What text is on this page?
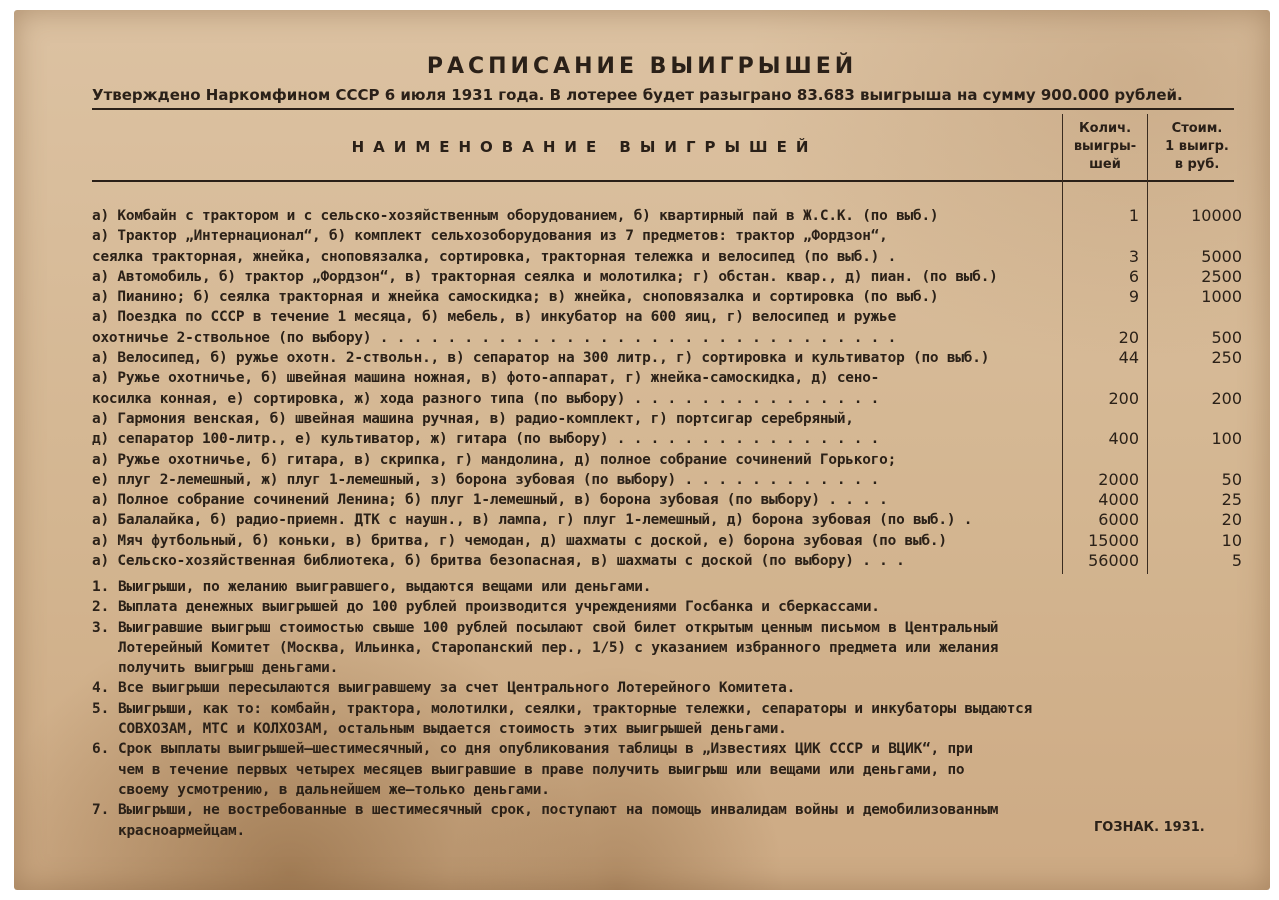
РАСПИСАНИЕ ВЫИГРЫШЕЙ
Утверждено Наркомфином СССР 6 июля 1931 года. В лотерее будет разыграно 83.683 выигрыша на сумму 900.000 рублей.
НАИМЕНОВАНИЕ ВЫИГРЫШЕЙ
Колич.
выигры-
шей
Стоим.
1 выигр.
в руб.
а) Комбайн с трактором и с сельско-хозяйственным оборудованием, б) квартирный пай в Ж.С.К. (по выб.)	1	10000
а) Трактор „Интернационал“, б) комплект сельхозоборудования из 7 предметов: трактор „Фордзон“,
сеялка тракторная, жнейка, сноповязалка, сортировка, тракторная тележка и велосипед (по выб.) .	3	5000
а) Автомобиль, б) трактор „Фордзон“, в) тракторная сеялка и молотилка; г) обстан. квар., д) пиан. (по выб.)	6	2500
а) Пианино; б) сеялка тракторная и жнейка самоскидка; в) жнейка, сноповязалка и сортировка (по выб.)	9	1000
а) Поездка по СССР в течение 1 месяца, б) мебель, в) инкубатор на 600 яиц, г) велосипед и ружье
охотничье 2-ствольное (по выбору) . . . . . . . . . . . . . . . . . . . . . . . . . . . . . . .	20	500
а) Велосипед, б) ружье охотн. 2-ствольн., в) сепаратор на 300 литр., г) сортировка и культиватор (по выб.)	44	250
а) Ружье охотничье, б) швейная машина ножная, в) фото-аппарат, г) жнейка-самоскидка, д) сено-
косилка конная, е) сортировка, ж) хода разного типа (по выбору) . . . . . . . . . . . . . . .	200	200
а) Гармония венская, б) швейная машина ручная, в) радио-комплект, г) портсигар серебряный,
д) сепаратор 100-литр., е) культиватор, ж) гитара (по выбору) . . . . . . . . . . . . . . . .	400	100
а) Ружье охотничье, б) гитара, в) скрипка, г) мандолина, д) полное собрание сочинений Горького;
е) плуг 2-лемешный, ж) плуг 1-лемешный, з) борона зубовая (по выбору) . . . . . . . . . . . .	2000	50
а) Полное собрание сочинений Ленина; б) плуг 1-лемешный, в) борона зубовая (по выбору) . . . .	4000	25
а) Балалайка, б) радио-приемн. ДТК с наушн., в) лампа, г) плуг 1-лемешный, д) борона зубовая (по выб.) .	6000	20
а) Мяч футбольный, б) коньки, в) бритва, г) чемодан, д) шахматы с доской, е) борона зубовая (по выб.)	15000	10
а) Сельско-хозяйственная библиотека, б) бритва безопасная, в) шахматы с доской (по выбору) . . .	56000	5
1. Выигрыши, по желанию выигравшего, выдаются вещами или деньгами.
2. Выплата денежных выигрышей до 100 рублей производится учреждениями Госбанка и сберкассами.
3. Выигравшие выигрыш стоимостью свыше 100 рублей посылают свой билет открытым ценным письмом в Центральный
Лотерейный Комитет (Москва, Ильинка, Старопанский пер., 1/5) с указанием избранного предмета или желания
получить выигрыш деньгами.
4. Все выигрыши пересылаются выигравшему за счет Центрального Лотерейного Комитета.
5. Выигрыши, как то: комбайн, трактора, молотилки, сеялки, тракторные тележки, сепараторы и инкубаторы выдаются
СОВХОЗАМ, МТС и КОЛХОЗАМ, остальным выдается стоимость этих выигрышей деньгами.
6. Срок выплаты выигрышей—шестимесячный, со дня опубликования таблицы в „Известиях ЦИК СССР и ВЦИК“, при
чем в течение первых четырех месяцев выигравшие в праве получить выигрыш или вещами или деньгами, по
своему усмотрению, в дальнейшем же—только деньгами.
7. Выигрыши, не востребованные в шестимесячный срок, поступают на помощь инвалидам войны и демобилизованным
красноармейцам.	ГОЗНАК. 1931.
